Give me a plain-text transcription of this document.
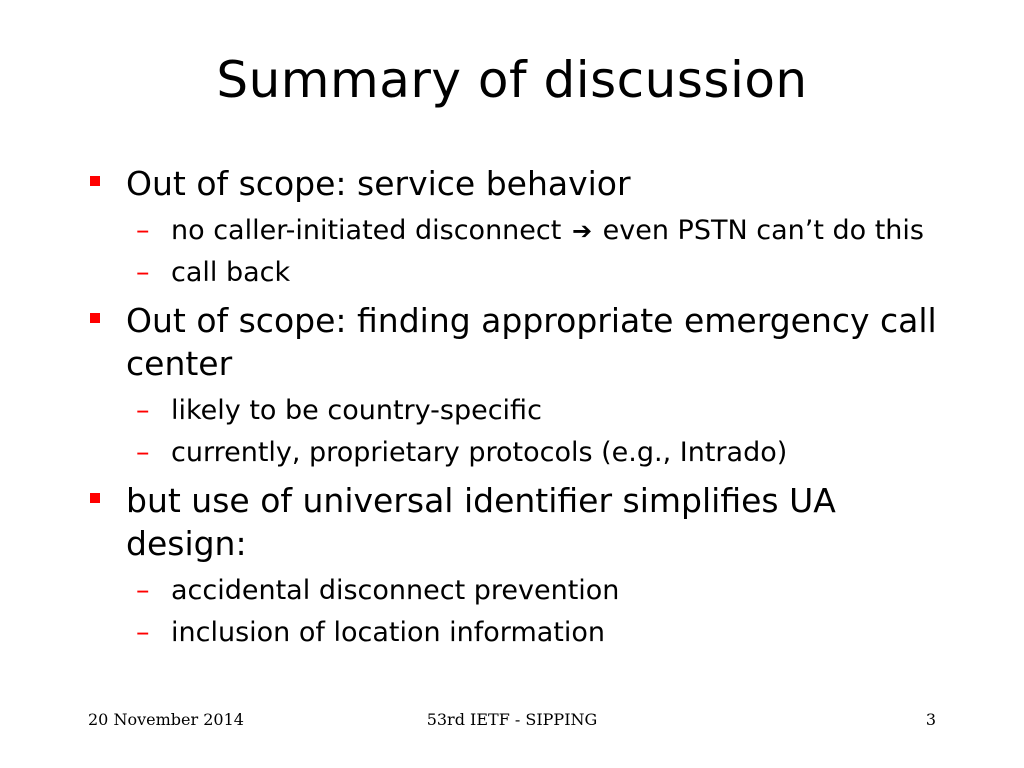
Summary of discussion
Out of scope: service behavior
– no caller-initiated disconnect ➔ even PSTN can’t do this
– call back
Out of scope: finding appropriate emergency call center
– likely to be country-specific
– currently, proprietary protocols (e.g., Intrado)
but use of universal identifier simplifies UA design:
– accidental disconnect prevention
– inclusion of location information
20 November 2014	53rd IETF - SIPPING	3
